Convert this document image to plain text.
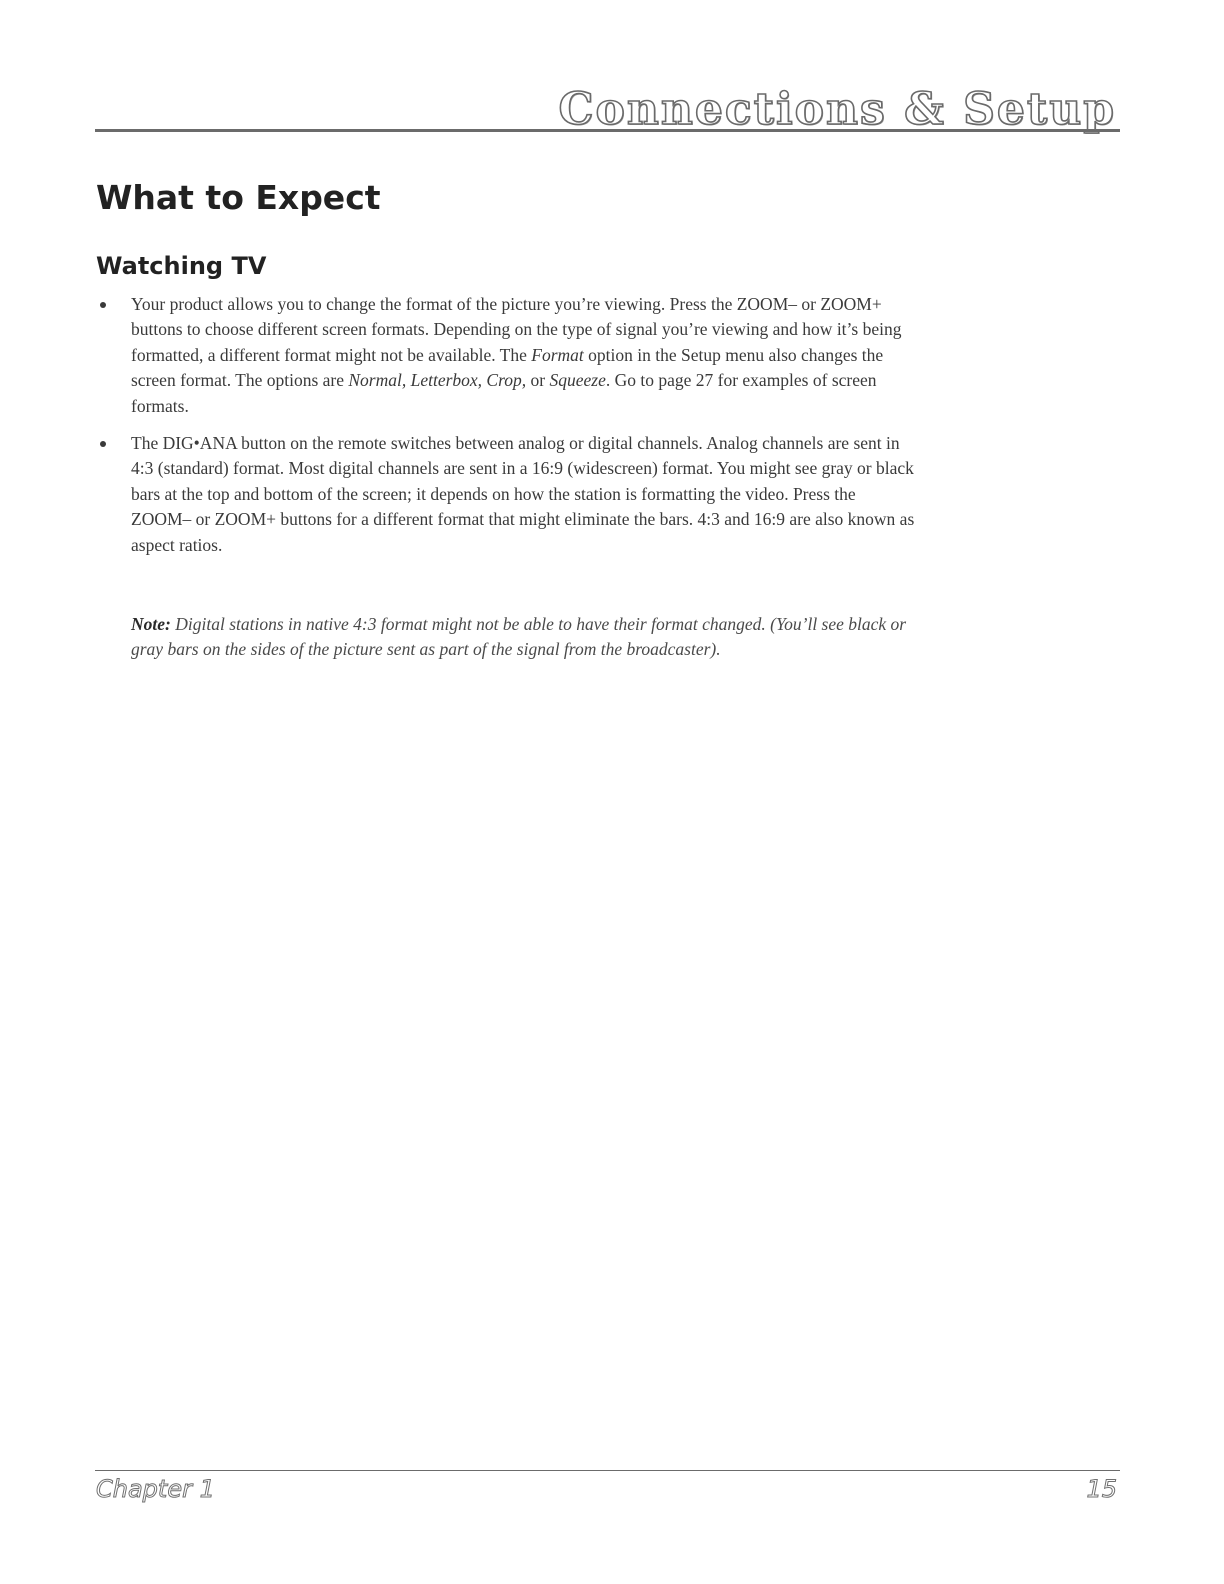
Connections & Setup
What to Expect
Watching TV
Your product allows you to change the format of the picture you’re viewing. Press the ZOOM– or ZOOM+ buttons to choose different screen formats. Depending on the type of signal you’re viewing and how it’s being formatted, a different format might not be available. The Format option in the Setup menu also changes the screen format. The options are Normal, Letterbox, Crop, or Squeeze. Go to page 27 for examples of screen formats.
The DIG•ANA button on the remote switches between analog or digital channels. Analog channels are sent in 4:3 (standard) format. Most digital channels are sent in a 16:9 (widescreen) format. You might see gray or black bars at the top and bottom of the screen; it depends on how the station is formatting the video. Press the ZOOM– or ZOOM+ buttons for a different format that might eliminate the bars. 4:3 and 16:9 are also known as aspect ratios.

Note: Digital stations in native 4:3 format might not be able to have their format changed. (You’ll see black or gray bars on the sides of the picture sent as part of the signal from the broadcaster).

Chapter 1	15
